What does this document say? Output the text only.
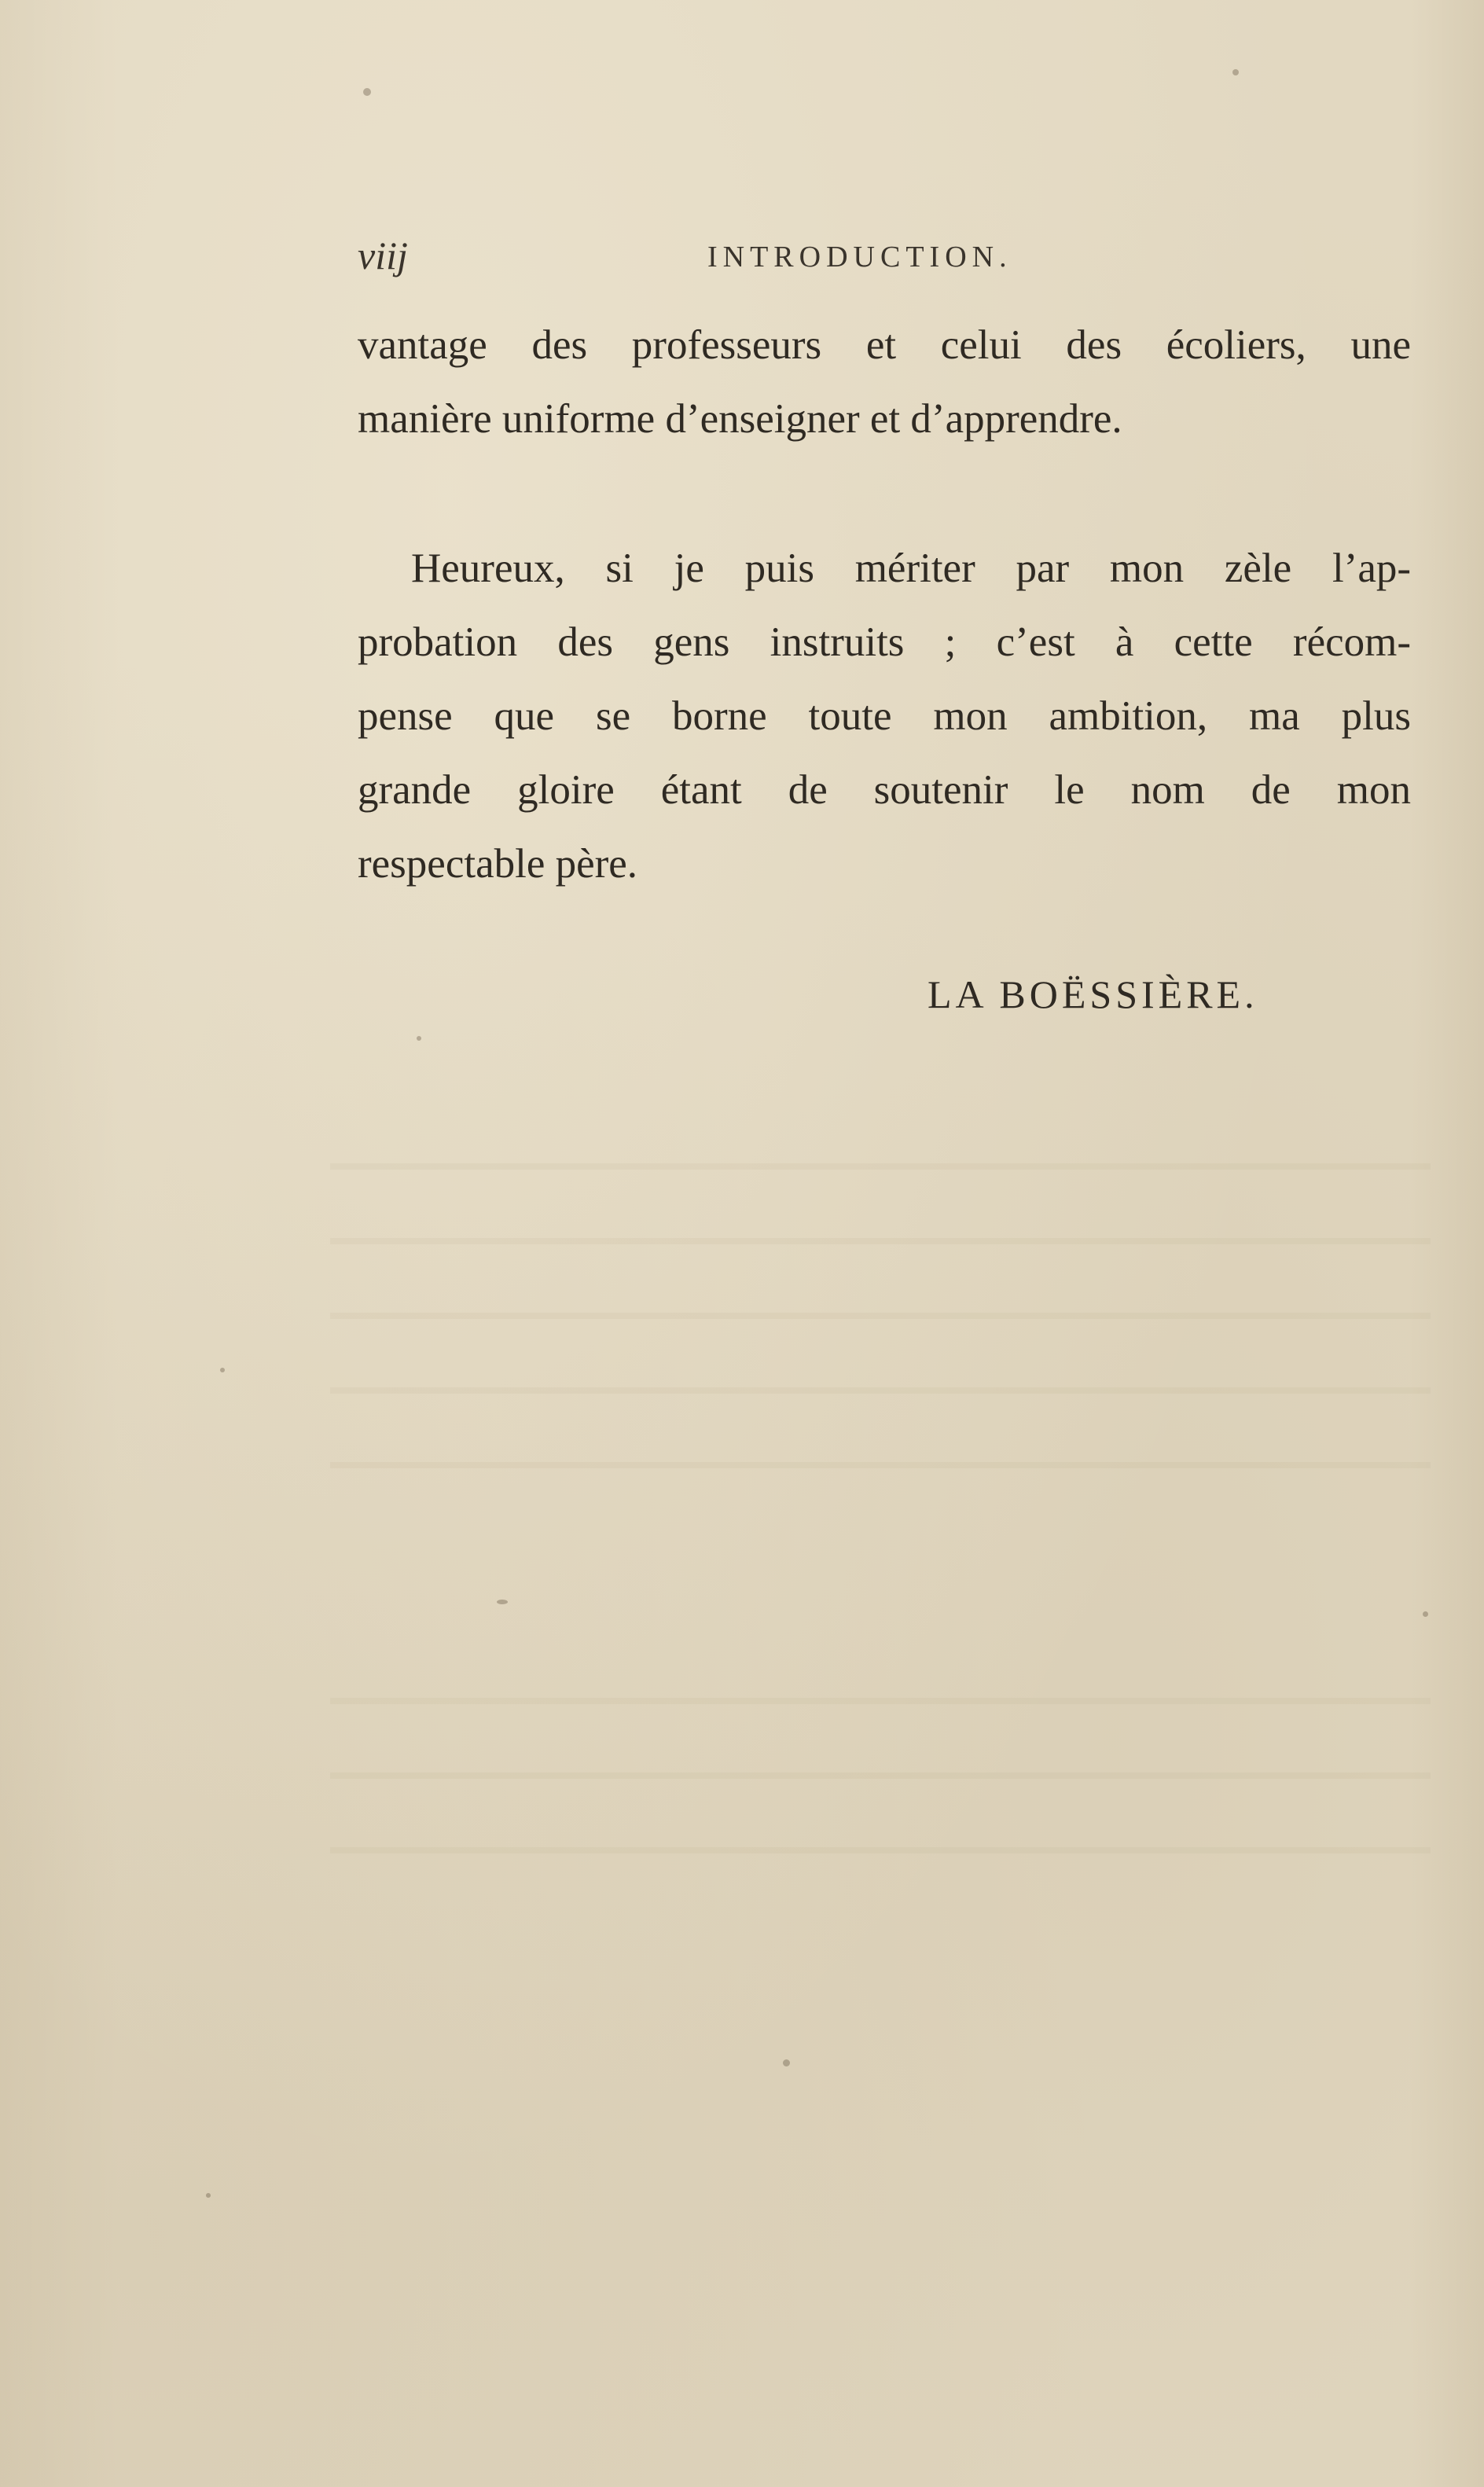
viij	INTRODUCTION.
vantage des professeurs et celui des écoliers, une
manière uniforme d’enseigner et d’apprendre.
Heureux, si je puis mériter par mon zèle l’ap-
probation des gens instruits ; c’est à cette récom-
pense que se borne toute mon ambition, ma plus
grande gloire étant de soutenir le nom de mon
respectable père.
LA BOËSSIÈRE.
